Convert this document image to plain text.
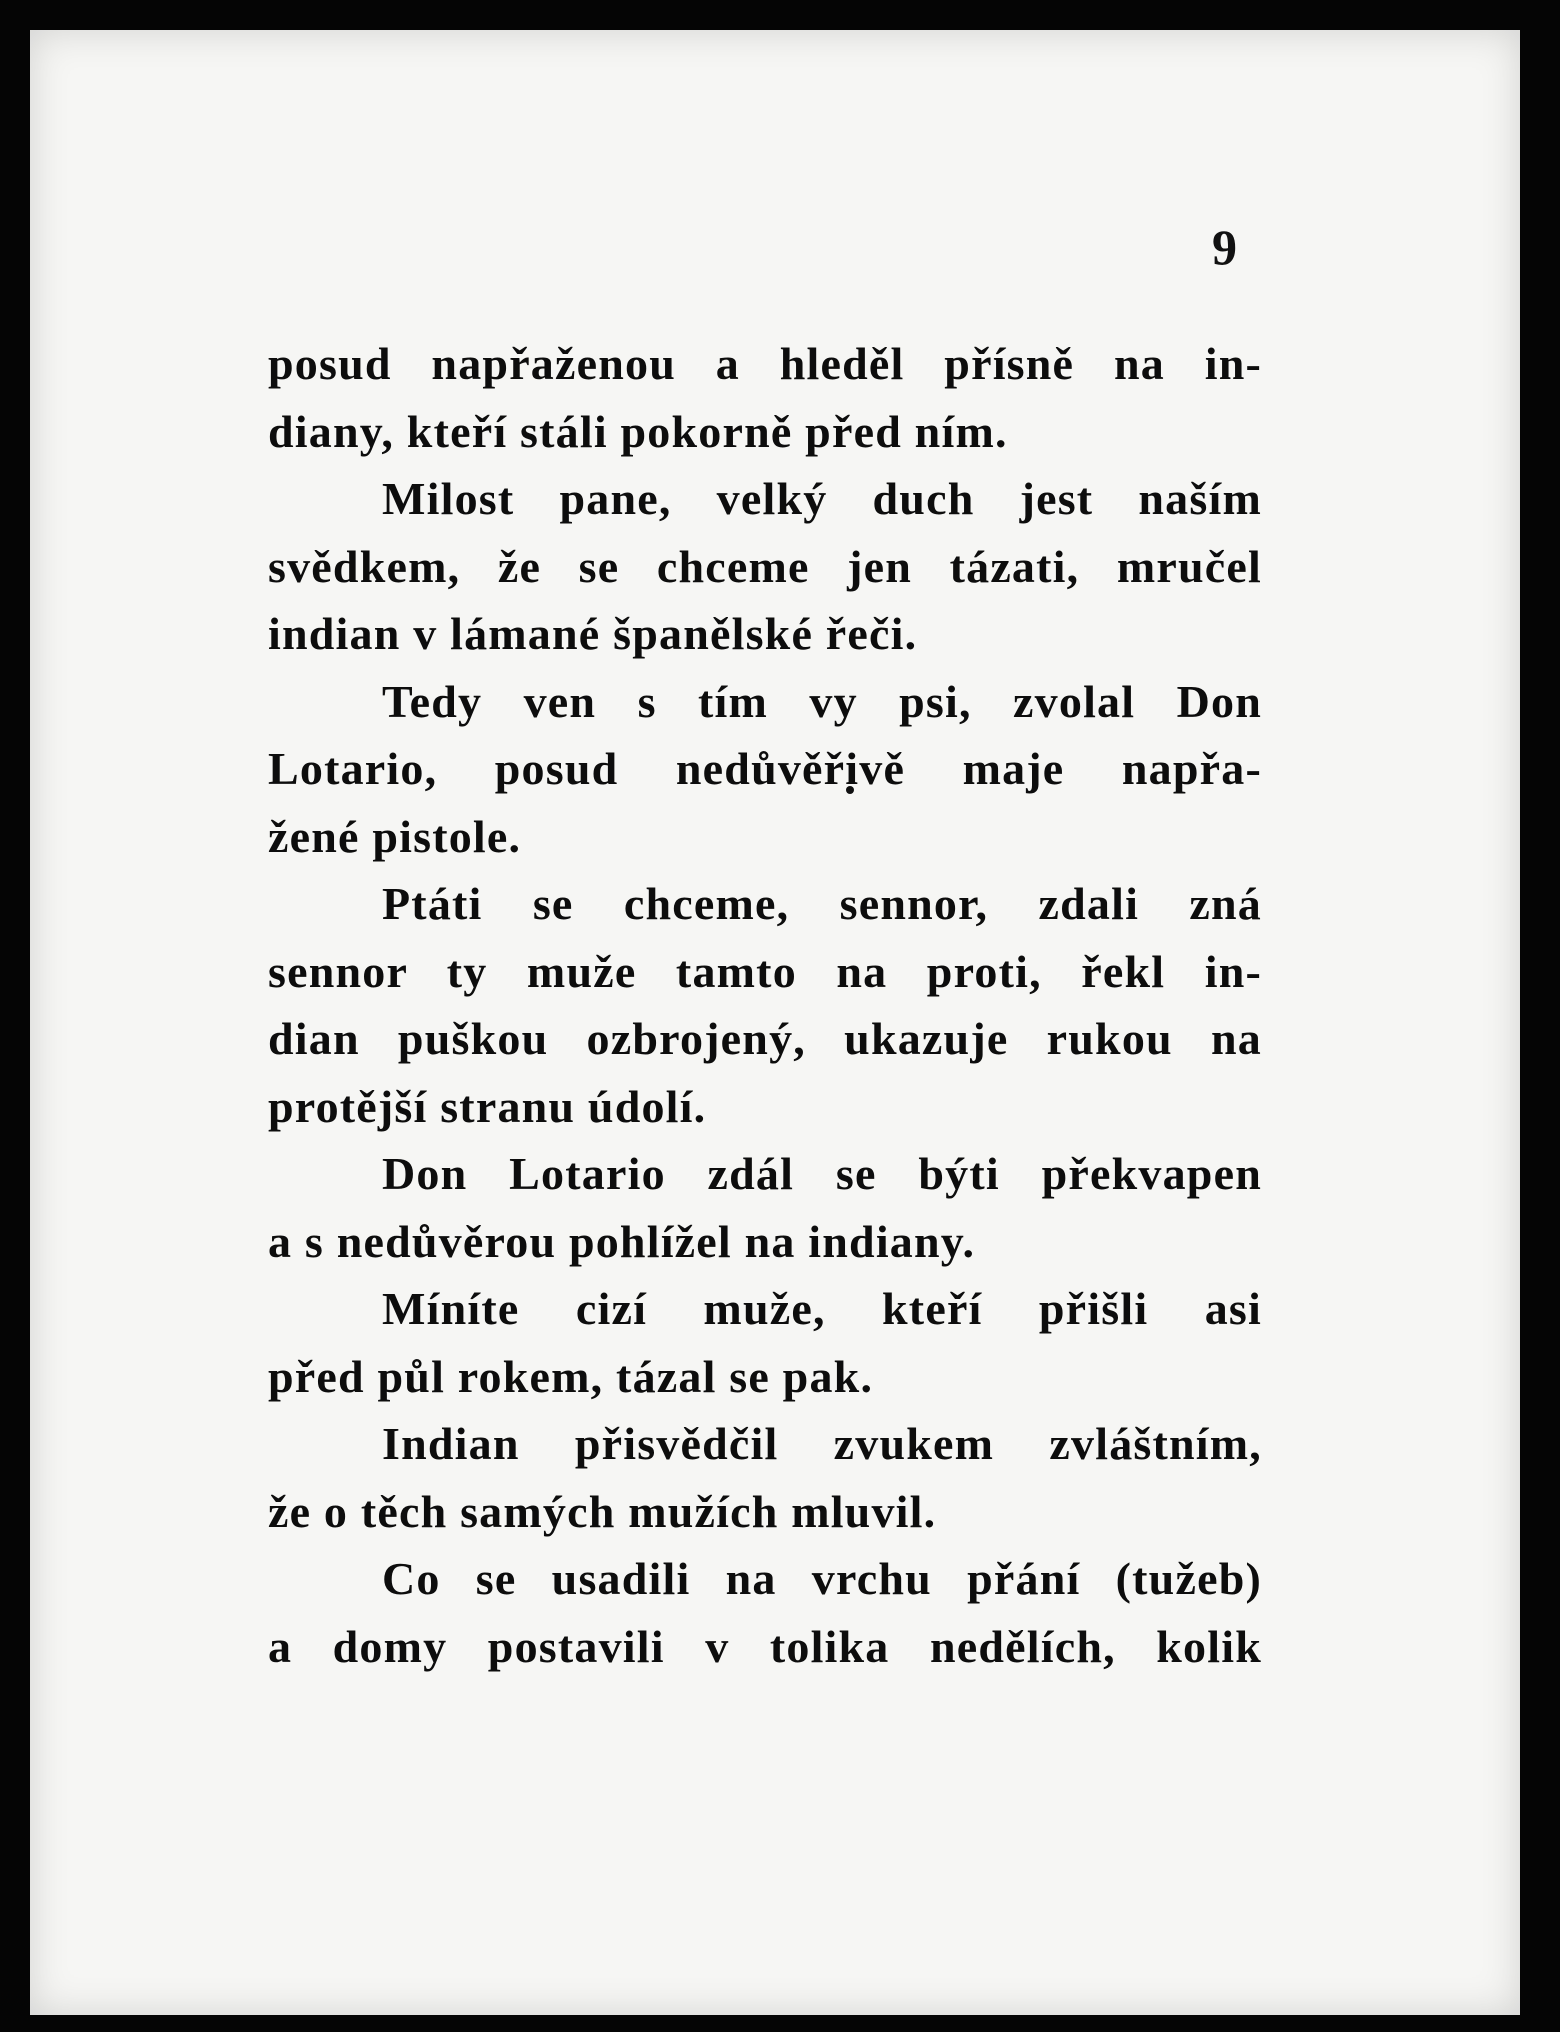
9
posud napřaženou a hleděl přísně na in-
diany, kteří stáli pokorně před ním.
Milost pane, velký duch jest naším
svědkem, že se chceme jen tázati, mručel
indian v lámané španělské řeči.
Tedy ven s tím vy psi, zvolal Don
Lotario, posud nedůvěřivě maje napřa-
žené pistole.
Ptáti se chceme, sennor, zdali zná
sennor ty muže tamto na proti, řekl in-
dian puškou ozbrojený, ukazuje rukou na
protější stranu údolí.
Don Lotario zdál se býti překvapen
a s nedůvěrou pohlížel na indiany.
Míníte cizí muže, kteří přišli asi
před půl rokem, tázal se pak.
Indian přisvědčil zvukem zvláštním,
že o těch samých mužích mluvil.
Co se usadili na vrchu přání (tužeb)
a domy postavili v tolika nedělích, kolik
